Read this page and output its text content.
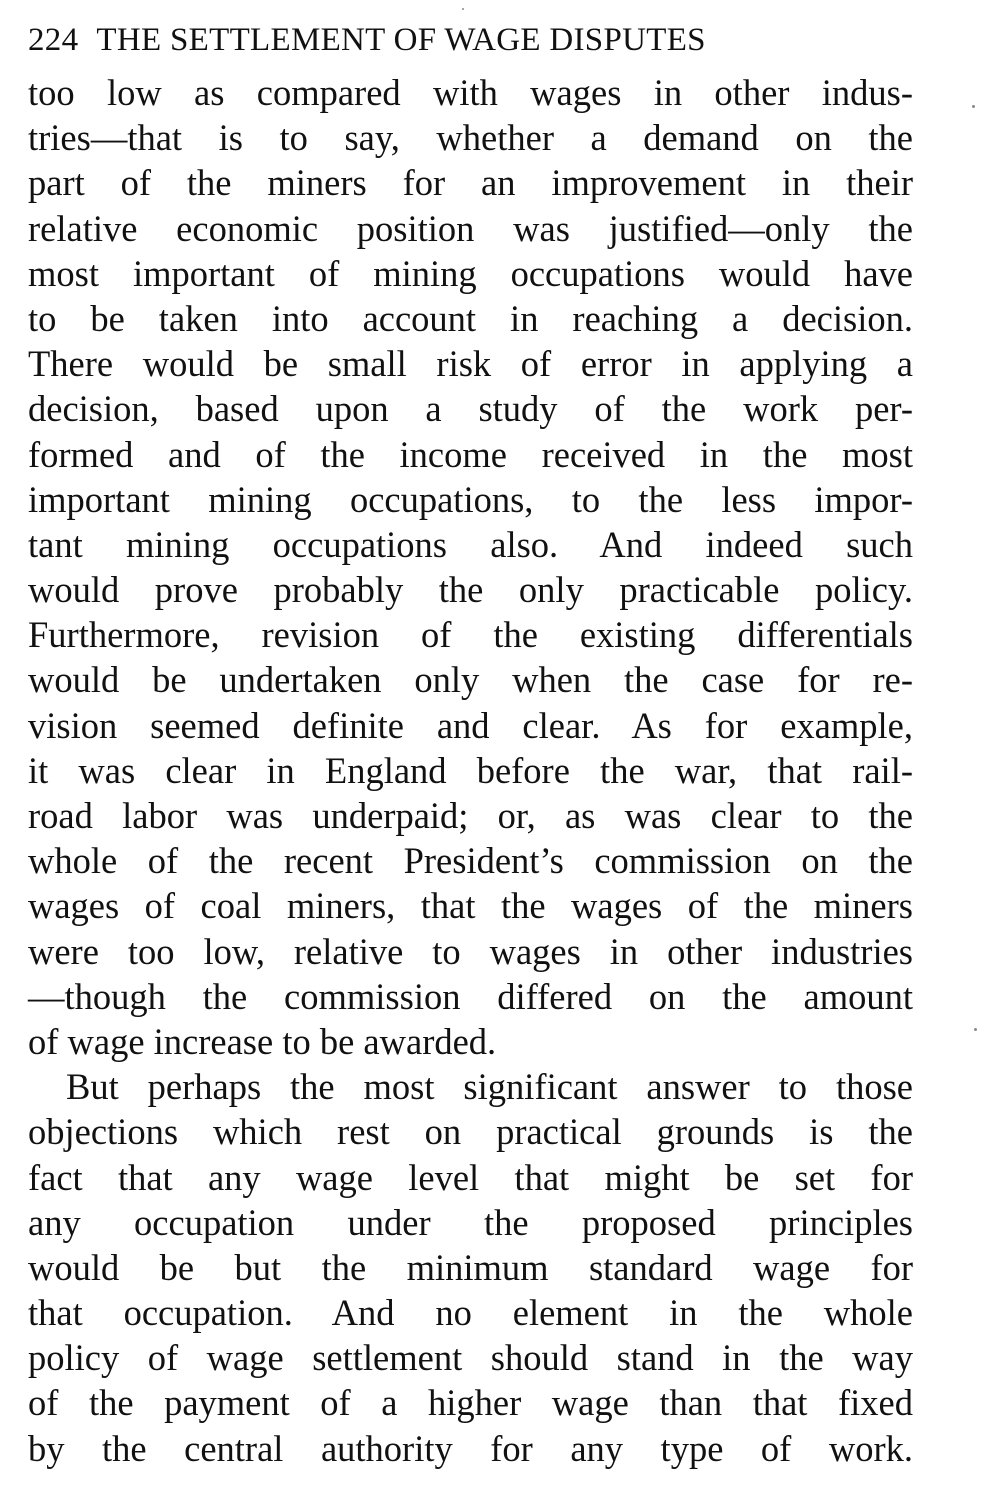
224 THE SETTLEMENT OF WAGE DISPUTES
too low as compared with wages in other indus-
tries—that is to say, whether a demand on the
part of the miners for an improvement in their
relative economic position was justified—only the
most important of mining occupations would have
to be taken into account in reaching a decision.
There would be small risk of error in applying a
decision, based upon a study of the work per-
formed and of the income received in the most
important mining occupations, to the less impor-
tant mining occupations also. And indeed such
would prove probably the only practicable policy.
Furthermore, revision of the existing differentials
would be undertaken only when the case for re-
vision seemed definite and clear. As for example,
it was clear in England before the war, that rail-
road labor was underpaid; or, as was clear to the
whole of the recent President’s commission on the
wages of coal miners, that the wages of the miners
were too low, relative to wages in other industries
—though the commission differed on the amount
of wage increase to be awarded.
But perhaps the most significant answer to those
objections which rest on practical grounds is the
fact that any wage level that might be set for
any occupation under the proposed principles
would be but the minimum standard wage for
that occupation. And no element in the whole
policy of wage settlement should stand in the way
of the payment of a higher wage than that fixed
by the central authority for any type of work.
